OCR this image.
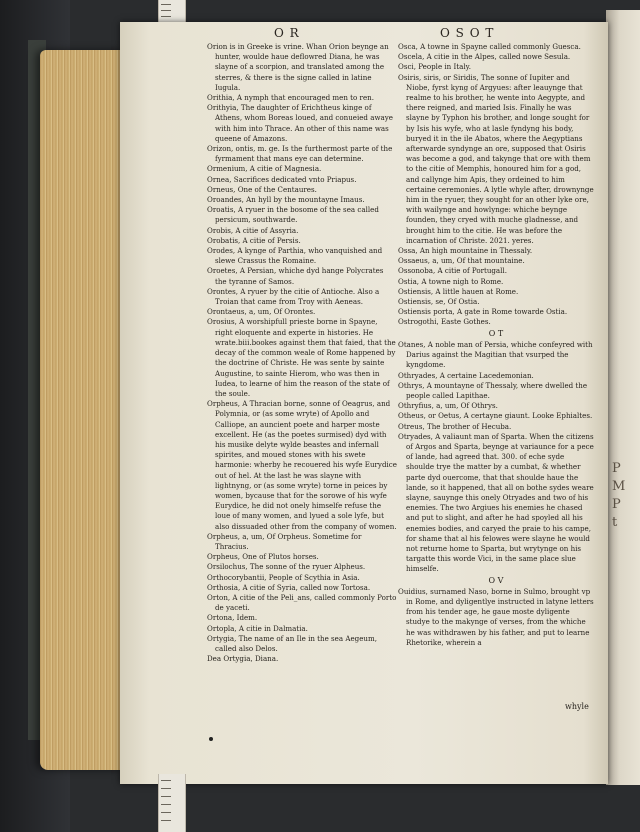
P
M
P
t
O R	O S O T

Orion is in Greeke is vrine. Whan Orion beynge an hunter, woulde haue deflowred Diana, he was slayne of a scorpion, and translated among the sterres, & there is the signe called in latine Iugula.

Orithia, A nymph that encouraged men to ren.

Orithyia, The daughter of Erichtheus kinge of Athens, whom Boreas loued, and conueied awaye with him into Thrace. An other of this name was queene of Amazons.

Orizon, ontis, m. ge. Is the furthermost parte of the fyrmament that mans eye can determine.

Ormenium, A citie of Magnesia.

Ornea, Sacrifices dedicated vnto Priapus.

Orneus, One of the Centaures.

Oroandes, An hyll by the mountayne Imaus.

Oroatis, A ryuer in the bosome of the sea called persicum, southwarde.

Orobis, A citie of Assyria.

Orobatis, A citie of Persis.

Orodes, A kynge of Parthia, who vanquished and slewe Crassus the Romaine.

Oroetes, A Persian, whiche dyd hange Polycrates the tyranne of Samos.

Orontes, A ryuer by the citie of Antioche. Also a Troian that came from Troy with Aeneas.

Orontaeus, a, um, Of Orontes.

Orosius, A worshipfull prieste borne in Spayne, right eloquente and experte in histories. He wrate.biii.bookes against them that faied, that the decay of the common weale of Rome happened by the doctrine of Christe. He was sente by sainte Augustine, to sainte Hierom, who was then in Iudea, to learne of him the reason of the state of the soule.

Orpheus, A Thracian borne, sonne of Oeagrus, and Polymnia, or (as some wryte) of Apollo and Calliope, an auncient poete and harper moste excellent. He (as the poetes surmised) dyd with his musike delyte wylde beastes and infernall spirites, and moued stones with his swete harmonie: wherby he recouered his wyfe Eurydice out of hel. At the last he was slayne with lightnyng, or (as some wryte) torne in peices by women, bycause that for the sorowe of his wyfe Eurydice, he did not onely himselfe refuse the loue of many women, and lyued a sole lyfe, but also dissuaded other from the company of women.

Orpheus, a, um, Of Orpheus. Sometime for Thracius.

Orpheus, One of Plutos horses.

Orsilochus, The sonne of the ryuer Alpheus.

Orthocorybantii, People of Scythia in Asia.

Orthosia, A citie of Syria, called now Tortosa.

Orton, A citie of the Peli_ans, called commonly Porto de yaceti.

Ortona, Idem.

Ortopla, A citie in Dalmatia.

Ortygia, The name of an Ile in the sea Aegeum, called also Delos.

Dea Ortygia, Diana.

Osca, A towne in Spayne called commonly Guesca.

Oscela, A citie in the Alpes, called nowe Sesula.

Osci, People in Italy.

Osiris, siris, or Siridis, The sonne of Iupiter and Niobe, fyrst kyng of Argyues: after leauynge that realme to his brother, he wente into Aegypte, and there reigned, and maried Isis. Finally he was slayne by Typhon his brother, and longe sought for by Isis his wyfe, who at lasle fyndyng his body, buryed it in the ile Abatos, where the Aegyptians afterwarde syndynge an ore, supposed that Osiris was become a god, and takynge that ore with them to the citie of Memphis, honoured him for a god, and callynge him Apis, they ordeined to him certaine ceremonies. A lytle whyle after, drownynge him in the ryuer, they sought for an other lyke ore, with wailynge and howlynge: whiche beynge founden, they cryed with muche gladnesse, and brought him to the citie. He was before the incarnation of Christe. 2021. yeres.

Ossa, An high mountaine in Thessaly.

Ossaeus, a, um, Of that mountaine.

Ossonoba, A citie of Portugall.

Ostia, A towne nigh to Rome.

Ostiensis, A little hauen at Rome.

Ostiensis, se, Of Ostia.

Ostiensis porta, A gate in Rome towarde Ostia.

Ostrogothi, Easte Gothes.

O T

Otanes, A noble man of Persia, whiche confeyred with Darius against the Magitian that vsurped the kyngdome.

Othryades, A certaine Lacedemonian.

Othrys, A mountayne of Thessaly, where dwelled the people called Lapithae.

Othryfius, a, um, Of Othrys.

Otheus, or Oetus, A certayne giaunt. Looke Ephialtes.

Otreus, The brother of Hecuba.

Otryades, A valiaunt man of Sparta. When the citizens of Argos and Sparta, beynge at variaunce for a pece of lande, had agreed that. 300. of eche syde shoulde trye the matter by a cumbat, & whether parte dyd ouercome, that that shoulde haue the lande, so it happened, that all on bothe sydes weare slayne, sauynge this onely Otryades and two of his enemies. The two Argiues his enemies he chased and put to slight, and after he had spoyled all his enemies bodies, and caryed the praie to his campe, for shame that al his felowes were slayne he would not returne home to Sparta, but wrytynge on his targatte this worde Vici, in the same place slue himselfe.

O V

Ouidius, surnamed Naso, borne in Sulmo, brought vp in Rome, and dyligentlye instructed in latyne letters from his tender age, he gaue moste dyligente studye to the makynge of verses, from the whiche he was withdrawen by his father, and put to learne Rhetorike, wherein a

whyle
